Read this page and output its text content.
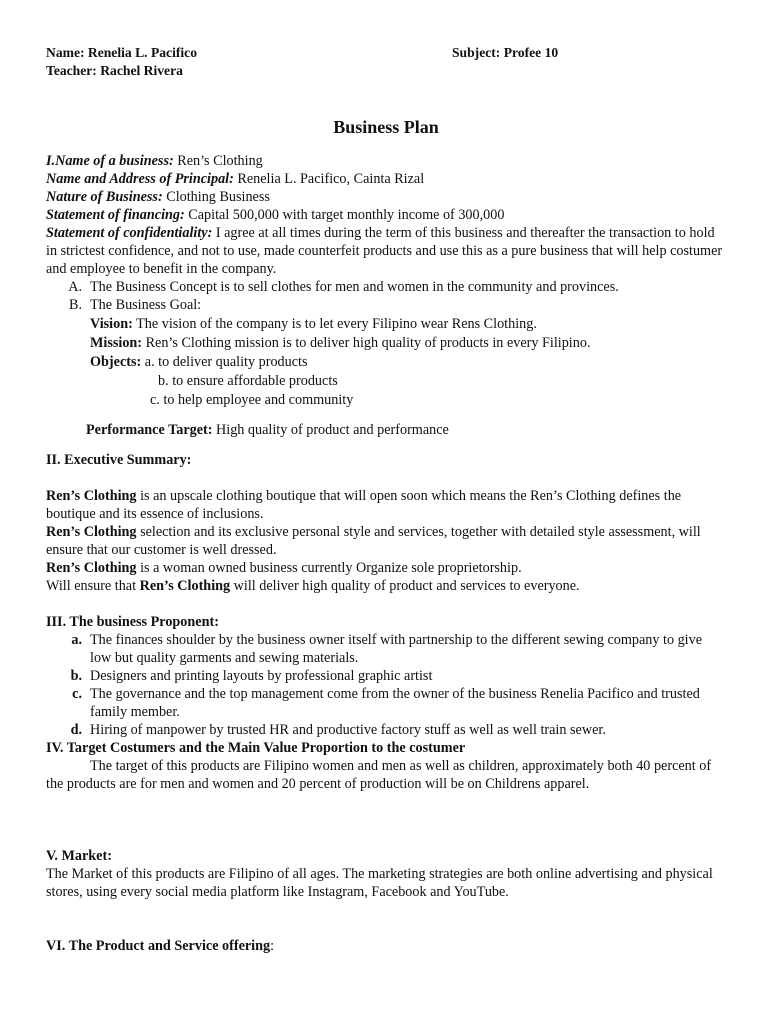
Name: Renelia L. Pacifico
Teacher: Rachel Rivera
Subject: Profee 10
Business Plan

I.Name of a business: Ren’s Clothing

Name and Address of Principal: Renelia L. Pacifico, Cainta Rizal

Nature of Business: Clothing Business

Statement of financing: Capital 500,000 with target monthly income of 300,000

Statement of confidentiality: I agree at all times during the term of this business and thereafter the transaction to hold in strictest confidence, and not to use, made counterfeit products and use this as a pure business that will help costumer and employee to benefit in the company.

A. The Business Concept is to sell clothes for men and women in the community and provinces.
B. The Business Goal:

Vision: The vision of the company is to let every Filipino wear Rens Clothing.

Mission: Ren’s Clothing mission is to deliver high quality of products in every Filipino.

Objects: a. to deliver quality products

b. to ensure affordable products

c. to help employee and community

Performance Target: High quality of product and performance

II. Executive Summary:

Ren’s Clothing is an upscale clothing boutique that will open soon which means the Ren’s Clothing defines the boutique and its essence of inclusions.

Ren’s Clothing selection and its exclusive personal style and services, together with detailed style assessment, will ensure that our customer is well dressed.

Ren’s Clothing is a woman owned business currently Organize sole proprietorship.

Will ensure that Ren’s Clothing will deliver high quality of product and services to everyone.

III. The business Proponent:

a. The finances shoulder by the business owner itself with partnership to the different sewing company to give low but quality garments and sewing materials.
b. Designers and printing layouts by professional graphic artist
c. The governance and the top management come from the owner of the business Renelia Pacifico and trusted family member.
d. Hiring of manpower by trusted HR and productive factory stuff as well as well train sewer.

IV. Target Costumers and the Main Value Proportion to the costumer

The target of this products are Filipino women and men as well as children, approximately both 40 percent of the products are for men and women and 20 percent of production will be on Childrens apparel.

V. Market:

The Market of this products are Filipino of all ages. The marketing strategies are both online advertising and physical stores, using every social media platform like Instagram, Facebook and YouTube.

VI. The Product and Service offering:
